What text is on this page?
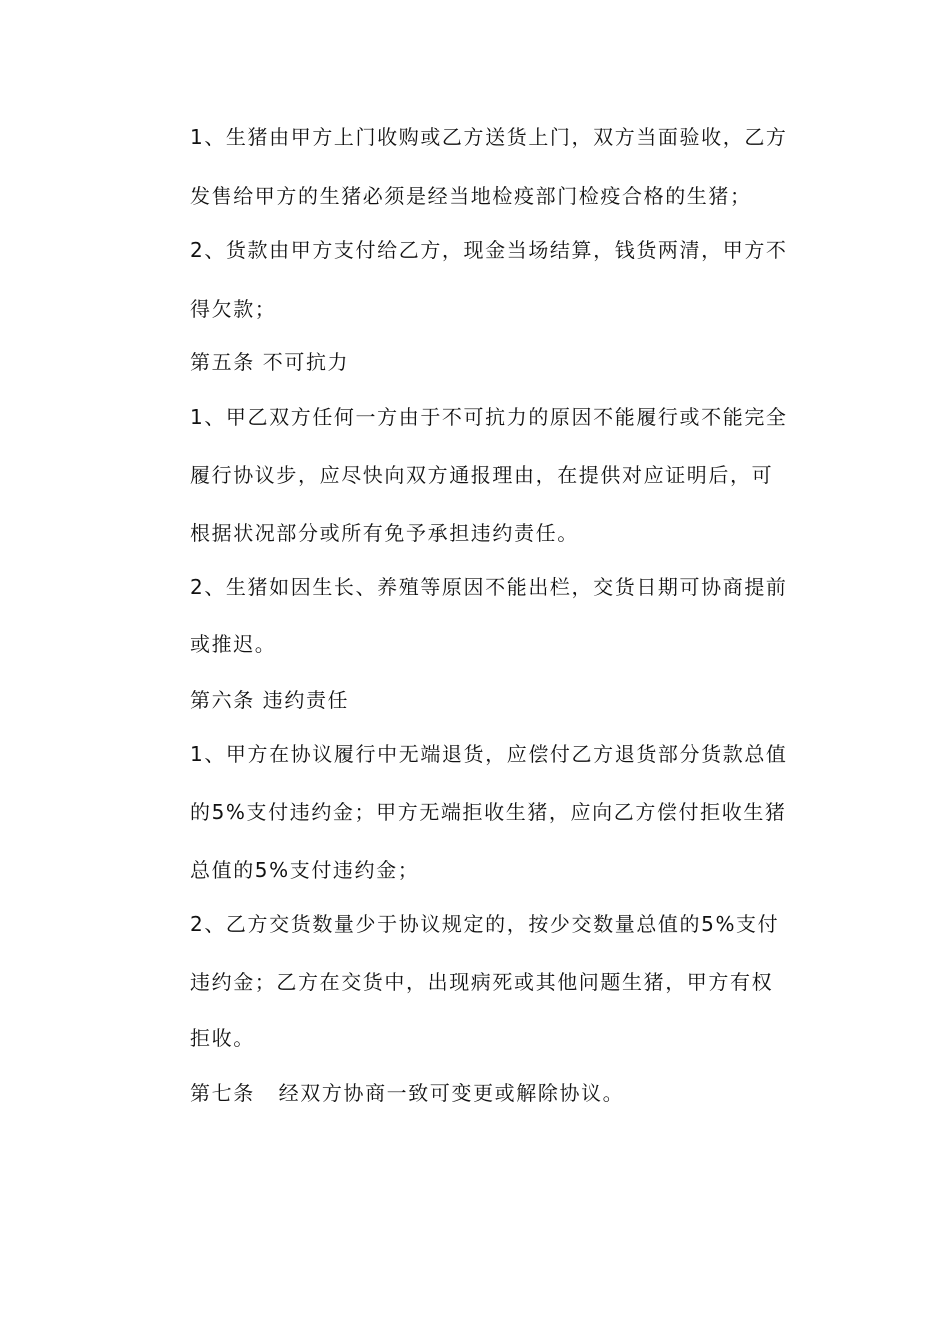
1、生猪由甲方上门收购或乙方送货上门，双方当面验收，乙方
发售给甲方的生猪必须是经当地检疫部门检疫合格的生猪；
2、货款由甲方支付给乙方，现金当场结算，钱货两清，甲方不
得欠款；
第五条 不可抗力
1、甲乙双方任何一方由于不可抗力的原因不能履行或不能完全
履行协议步，应尽快向双方通报理由，在提供对应证明后，可
根据状况部分或所有免予承担违约责任。
2、生猪如因生长、养殖等原因不能出栏，交货日期可协商提前
或推迟。
第六条 违约责任
1、甲方在协议履行中无端退货，应偿付乙方退货部分货款总值
的5%支付违约金；甲方无端拒收生猪，应向乙方偿付拒收生猪
总值的5%支付违约金；
2、乙方交货数量少于协议规定的，按少交数量总值的5%支付
违约金；乙方在交货中，出现病死或其他问题生猪，甲方有权
拒收。
第七条   经双方协商一致可变更或解除协议。
